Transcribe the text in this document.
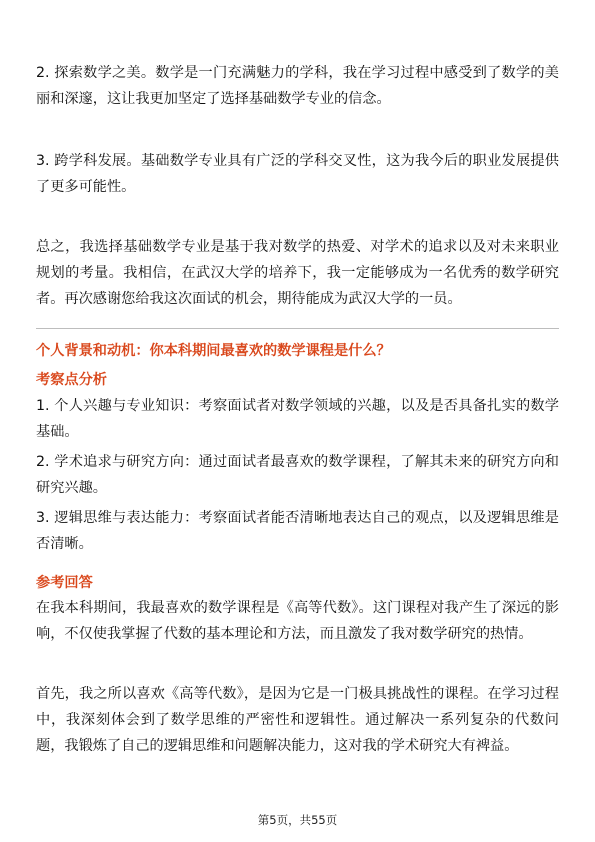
2. 探索数学之美。数学是一门充满魅力的学科，我在学习过程中感受到了数学的美丽和深邃，这让我更加坚定了选择基础数学专业的信念。

3. 跨学科发展。基础数学专业具有广泛的学科交叉性，这为我今后的职业发展提供了更多可能性。

总之，我选择基础数学专业是基于我对数学的热爱、对学术的追求以及对未来职业规划的考量。我相信，在武汉大学的培养下，我一定能够成为一名优秀的数学研究者。再次感谢您给我这次面试的机会，期待能成为武汉大学的一员。

个人背景和动机：你本科期间最喜欢的数学课程是什么？

考察点分析

1. 个人兴趣与专业知识：考察面试者对数学领域的兴趣，以及是否具备扎实的数学基础。

2. 学术追求与研究方向：通过面试者最喜欢的数学课程，了解其未来的研究方向和研究兴趣。

3. 逻辑思维与表达能力：考察面试者能否清晰地表达自己的观点，以及逻辑思维是否清晰。

参考回答

在我本科期间，我最喜欢的数学课程是《高等代数》。这门课程对我产生了深远的影响，不仅使我掌握了代数的基本理论和方法，而且激发了我对数学研究的热情。

首先，我之所以喜欢《高等代数》，是因为它是一门极具挑战性的课程。在学习过程中，我深刻体会到了数学思维的严密性和逻辑性。通过解决一系列复杂的代数问题，我锻炼了自己的逻辑思维和问题解决能力，这对我的学术研究大有裨益。

第5页，共55页
